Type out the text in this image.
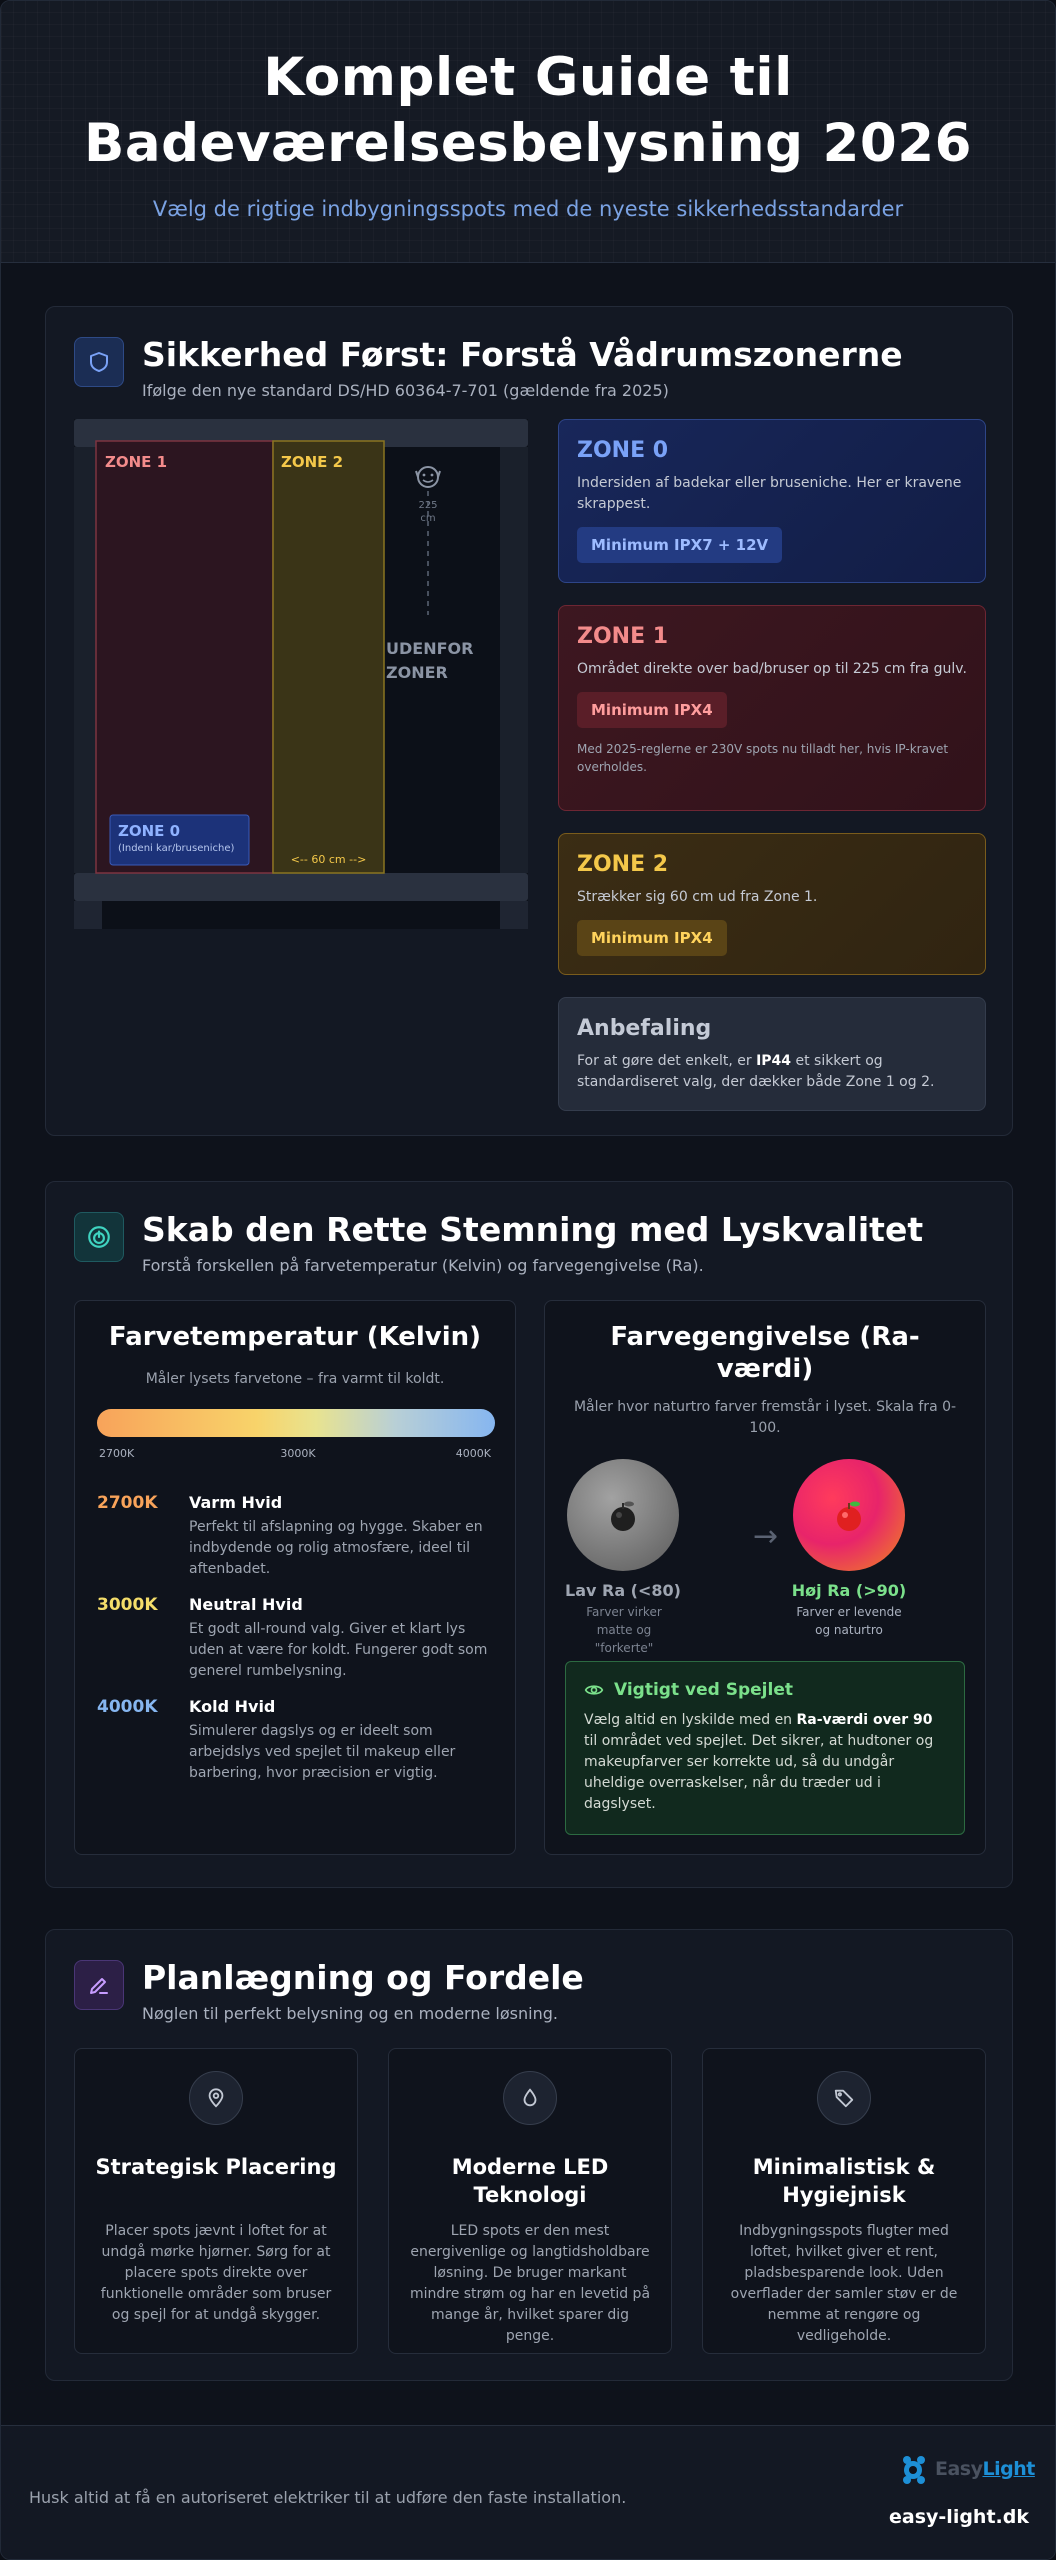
Komplet Guide til
Badeværelsesbelysning 2026
Vælg de rigtige indbygningsspots med de nyeste sikkerhedsstandarder
Sikkerhed Først: Forstå Vådrumszonerne
Ifølge den nye standard DS/HD 60364-7-701 (gældende fra 2025)
ZONE 1	ZONE 2
225
cm
UDENFOR
ZONER
ZONE 0
(Indeni kar/bruseniche)
<-- 60 cm -->
ZONE 0
Indersiden af badekar eller bruseniche. Her er kravene skrappest.
Minimum IPX7 + 12V
ZONE 1
Området direkte over bad/bruser op til 225 cm fra gulv.
Minimum IPX4
Med 2025-reglerne er 230V spots nu tilladt her, hvis IP-kravet overholdes.
ZONE 2
Strækker sig 60 cm ud fra Zone 1.
Minimum IPX4
Anbefaling
For at gøre det enkelt, er IP44 et sikkert og standardiseret valg, der dækker både Zone 1 og 2.
Skab den Rette Stemning med Lyskvalitet
Forstå forskellen på farvetemperatur (Kelvin) og farvegengivelse (Ra).
Farvetemperatur (Kelvin)
Måler lysets farvetone – fra varmt til koldt.
2700K	3000K	4000K
2700K Varm Hvid
Perfekt til afslapning og hygge. Skaber en indbydende og rolig atmosfære, ideel til aftenbadet.
3000K Neutral Hvid
Et godt all-round valg. Giver et klart lys uden at være for koldt. Fungerer godt som generel rumbelysning.
4000K Kold Hvid
Simulerer dagslys og er ideelt som arbejdslys ved spejlet til makeup eller barbering, hvor præcision er vigtig.
Farvegengivelse (Ra-
værdi)
Måler hvor naturtro farver fremstår i lyset. Skala fra 0-100.
→
Lav Ra (<80)
Farver virker matte og "forkerte"
Høj Ra (>90)
Farver er levende og naturtro
Vigtigt ved Spejlet
Vælg altid en lyskilde med en Ra-værdi over 90 til området ved spejlet. Det sikrer, at hudtoner og makeupfarver ser korrekte ud, så du undgår uheldige overraskelser, når du træder ud i dagslyset.
Planlægning og Fordele
Nøglen til perfekt belysning og en moderne løsning.
Strategisk Placering

Placer spots jævnt i loftet for at undgå mørke hjørner. Sørg for at placere spots direkte over funktionelle områder som bruser og spejl for at undgå skygger.

Moderne LED Teknologi

LED spots er den mest energivenlige og langtidsholdbare løsning. De bruger markant mindre strøm og har en levetid på mange år, hvilket sparer dig penge.

Minimalistisk & Hygiejnisk

Indbygningsspots flugter med loftet, hvilket giver et rent, pladsbesparende look. Uden overflader der samler støv er de nemme at rengøre og vedligeholde.

Husk altid at få en autoriseret elektriker til at udføre den faste installation.
EasyLight
easy-light.dk
